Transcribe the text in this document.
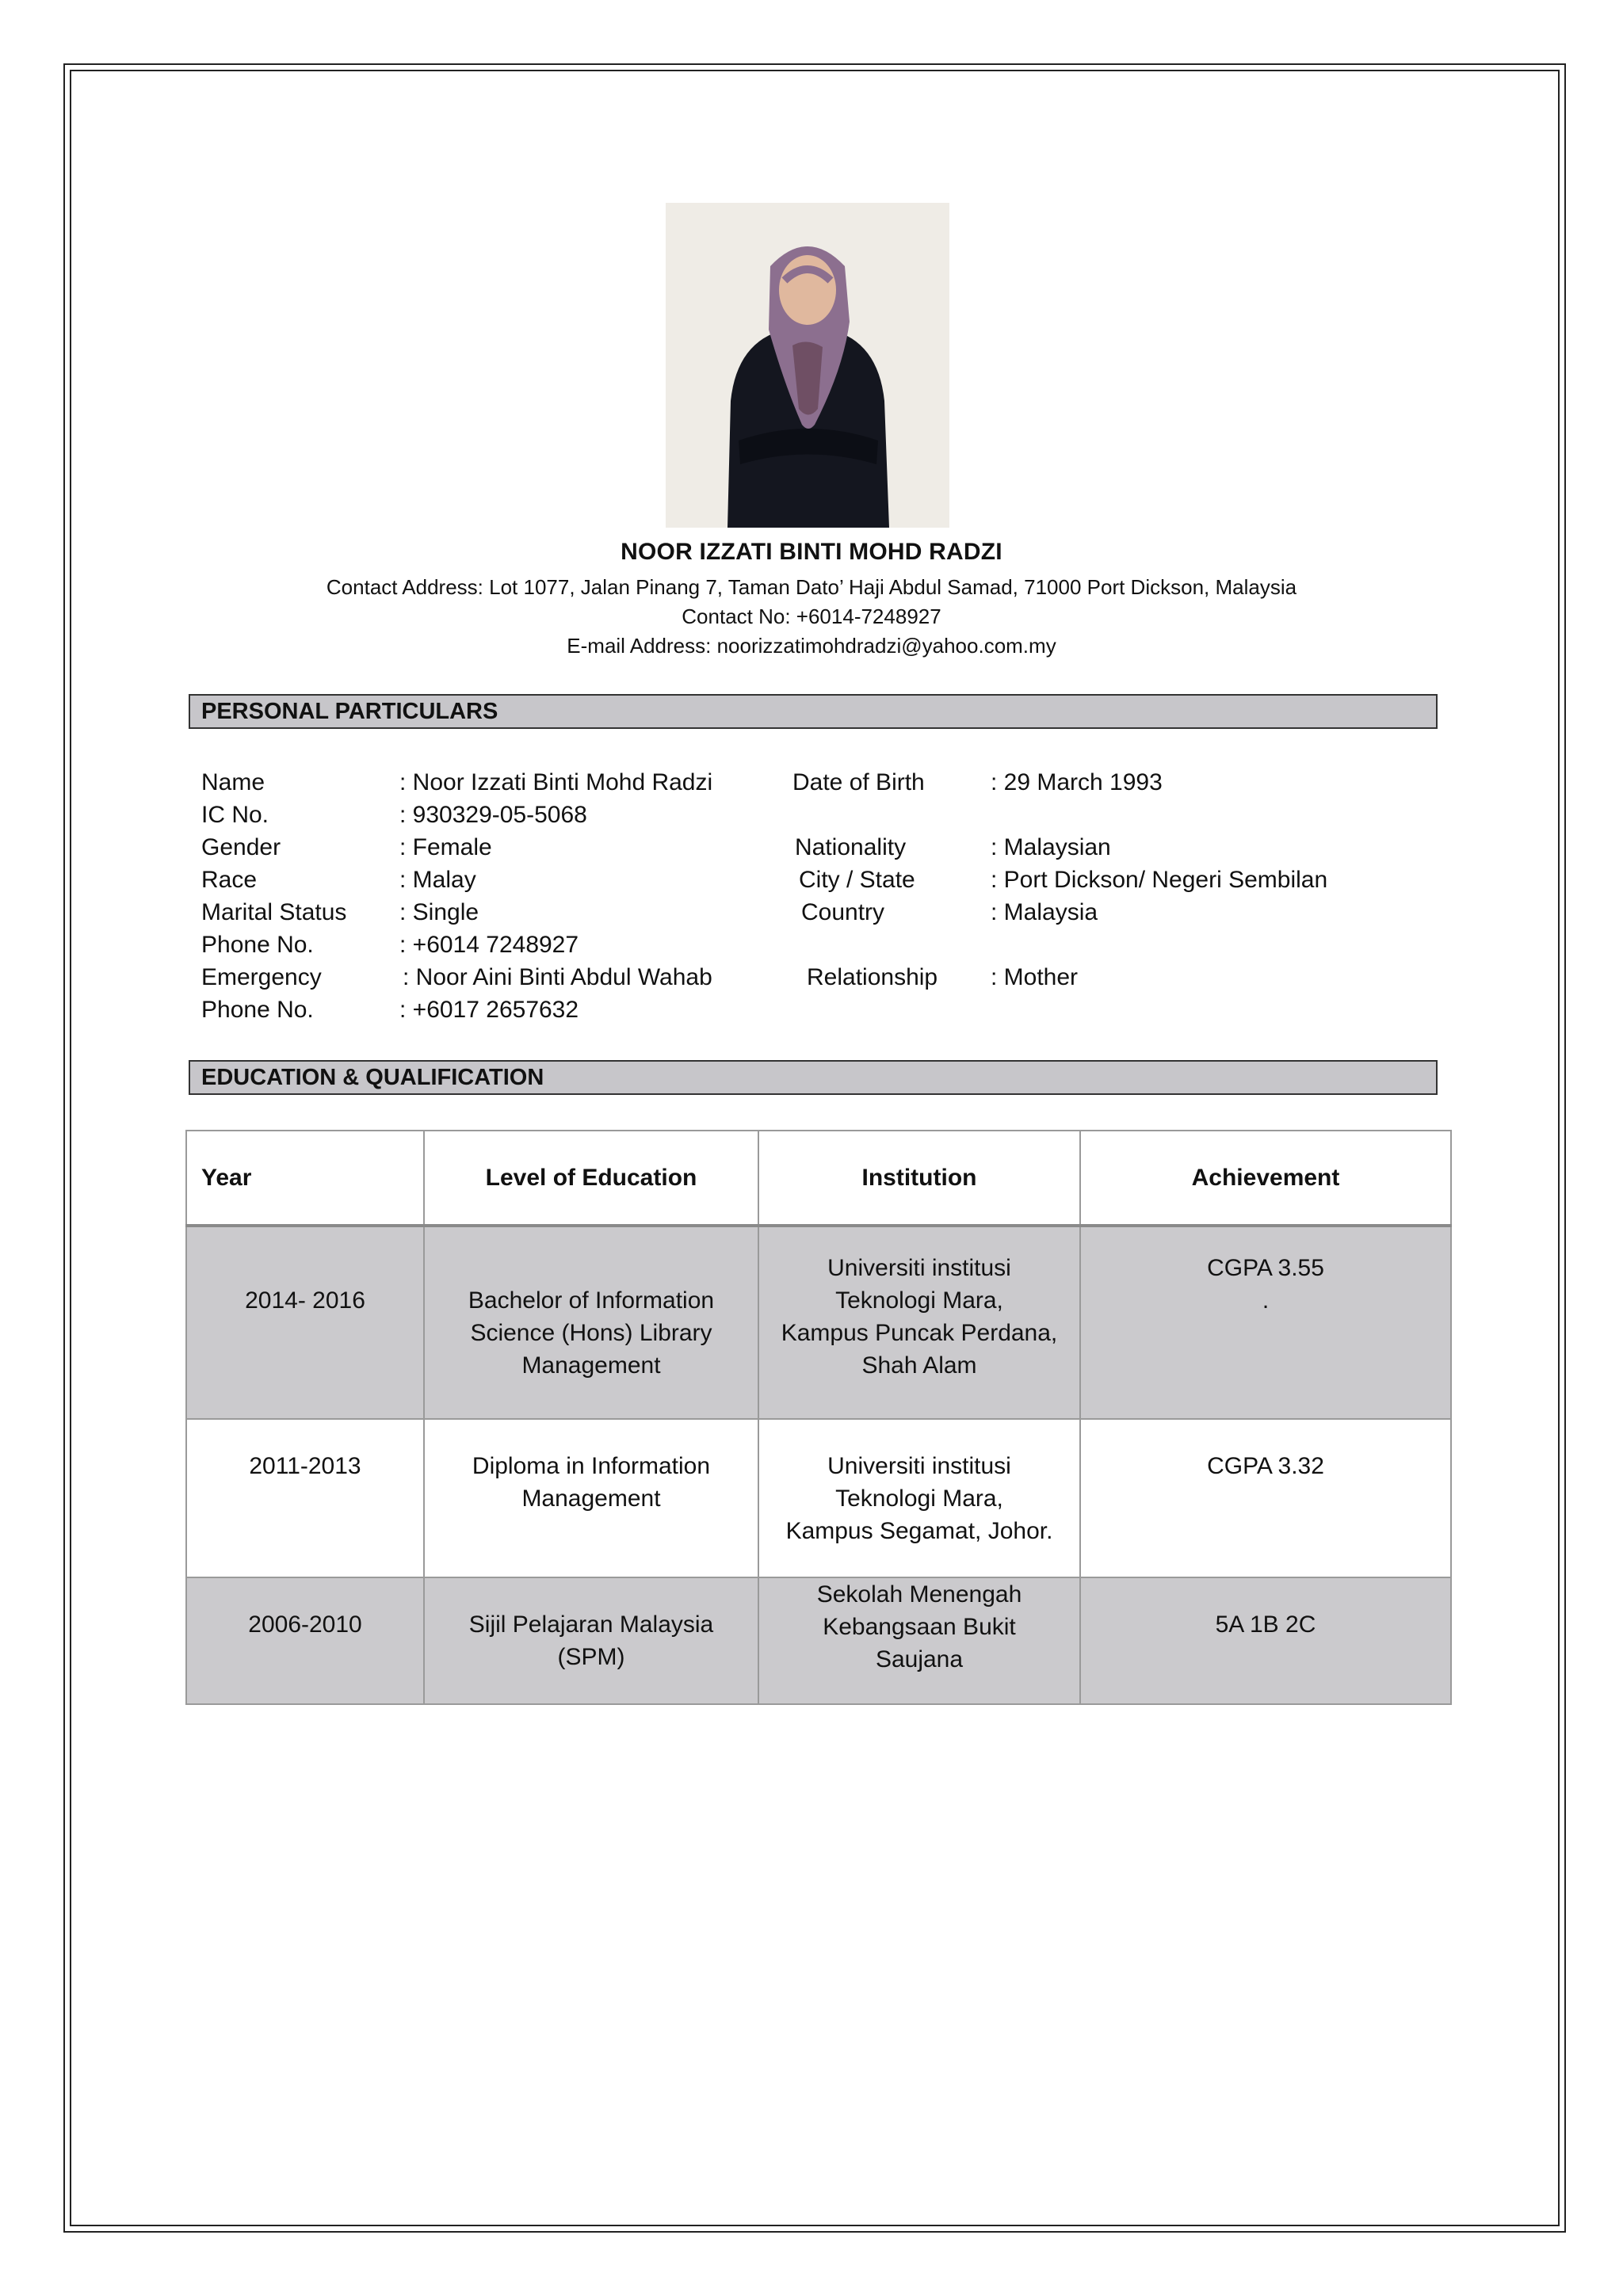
NOOR IZZATI BINTI MOHD RADZI
Contact Address: Lot 1077, Jalan Pinang 7, Taman Dato’ Haji Abdul Samad, 71000 Port Dickson, Malaysia
Contact No: +6014-7248927
E-mail Address: noorizzatimohdradzi@yahoo.com.my
PERSONAL PARTICULARS
Name	: Noor Izzati Binti Mohd Radzi
IC No.	: 930329-05-5068
Gender	: Female
Race	: Malay
Marital Status : Single
Phone No.	: +6014 7248927
Emergency	: Noor Aini Binti Abdul Wahab
Phone No.	: +6017 2657632
Date of Birth	: 29 March 1993
Nationality	: Malaysian
City / State	: Port Dickson/ Negeri Sembilan
Country	: Malaysia
Relationship : Mother
EDUCATION & QUALIFICATION
Year	Level of Education	Institution	Achievement
2014- 2016	Bachelor of Information
Science (Hons) Library
Management	Universiti institusi
Teknologi Mara,
Kampus Puncak Perdana,
Shah Alam	CGPA 3.55
.

2011-2013	Diploma in Information
Management	Universiti institusi
Teknologi Mara,
Kampus Segamat, Johor.	CGPA 3.32

2006-2010	Sijil Pelajaran Malaysia
(SPM)	Sekolah Menengah
Kebangsaan Bukit
Saujana	5A 1B 2C
